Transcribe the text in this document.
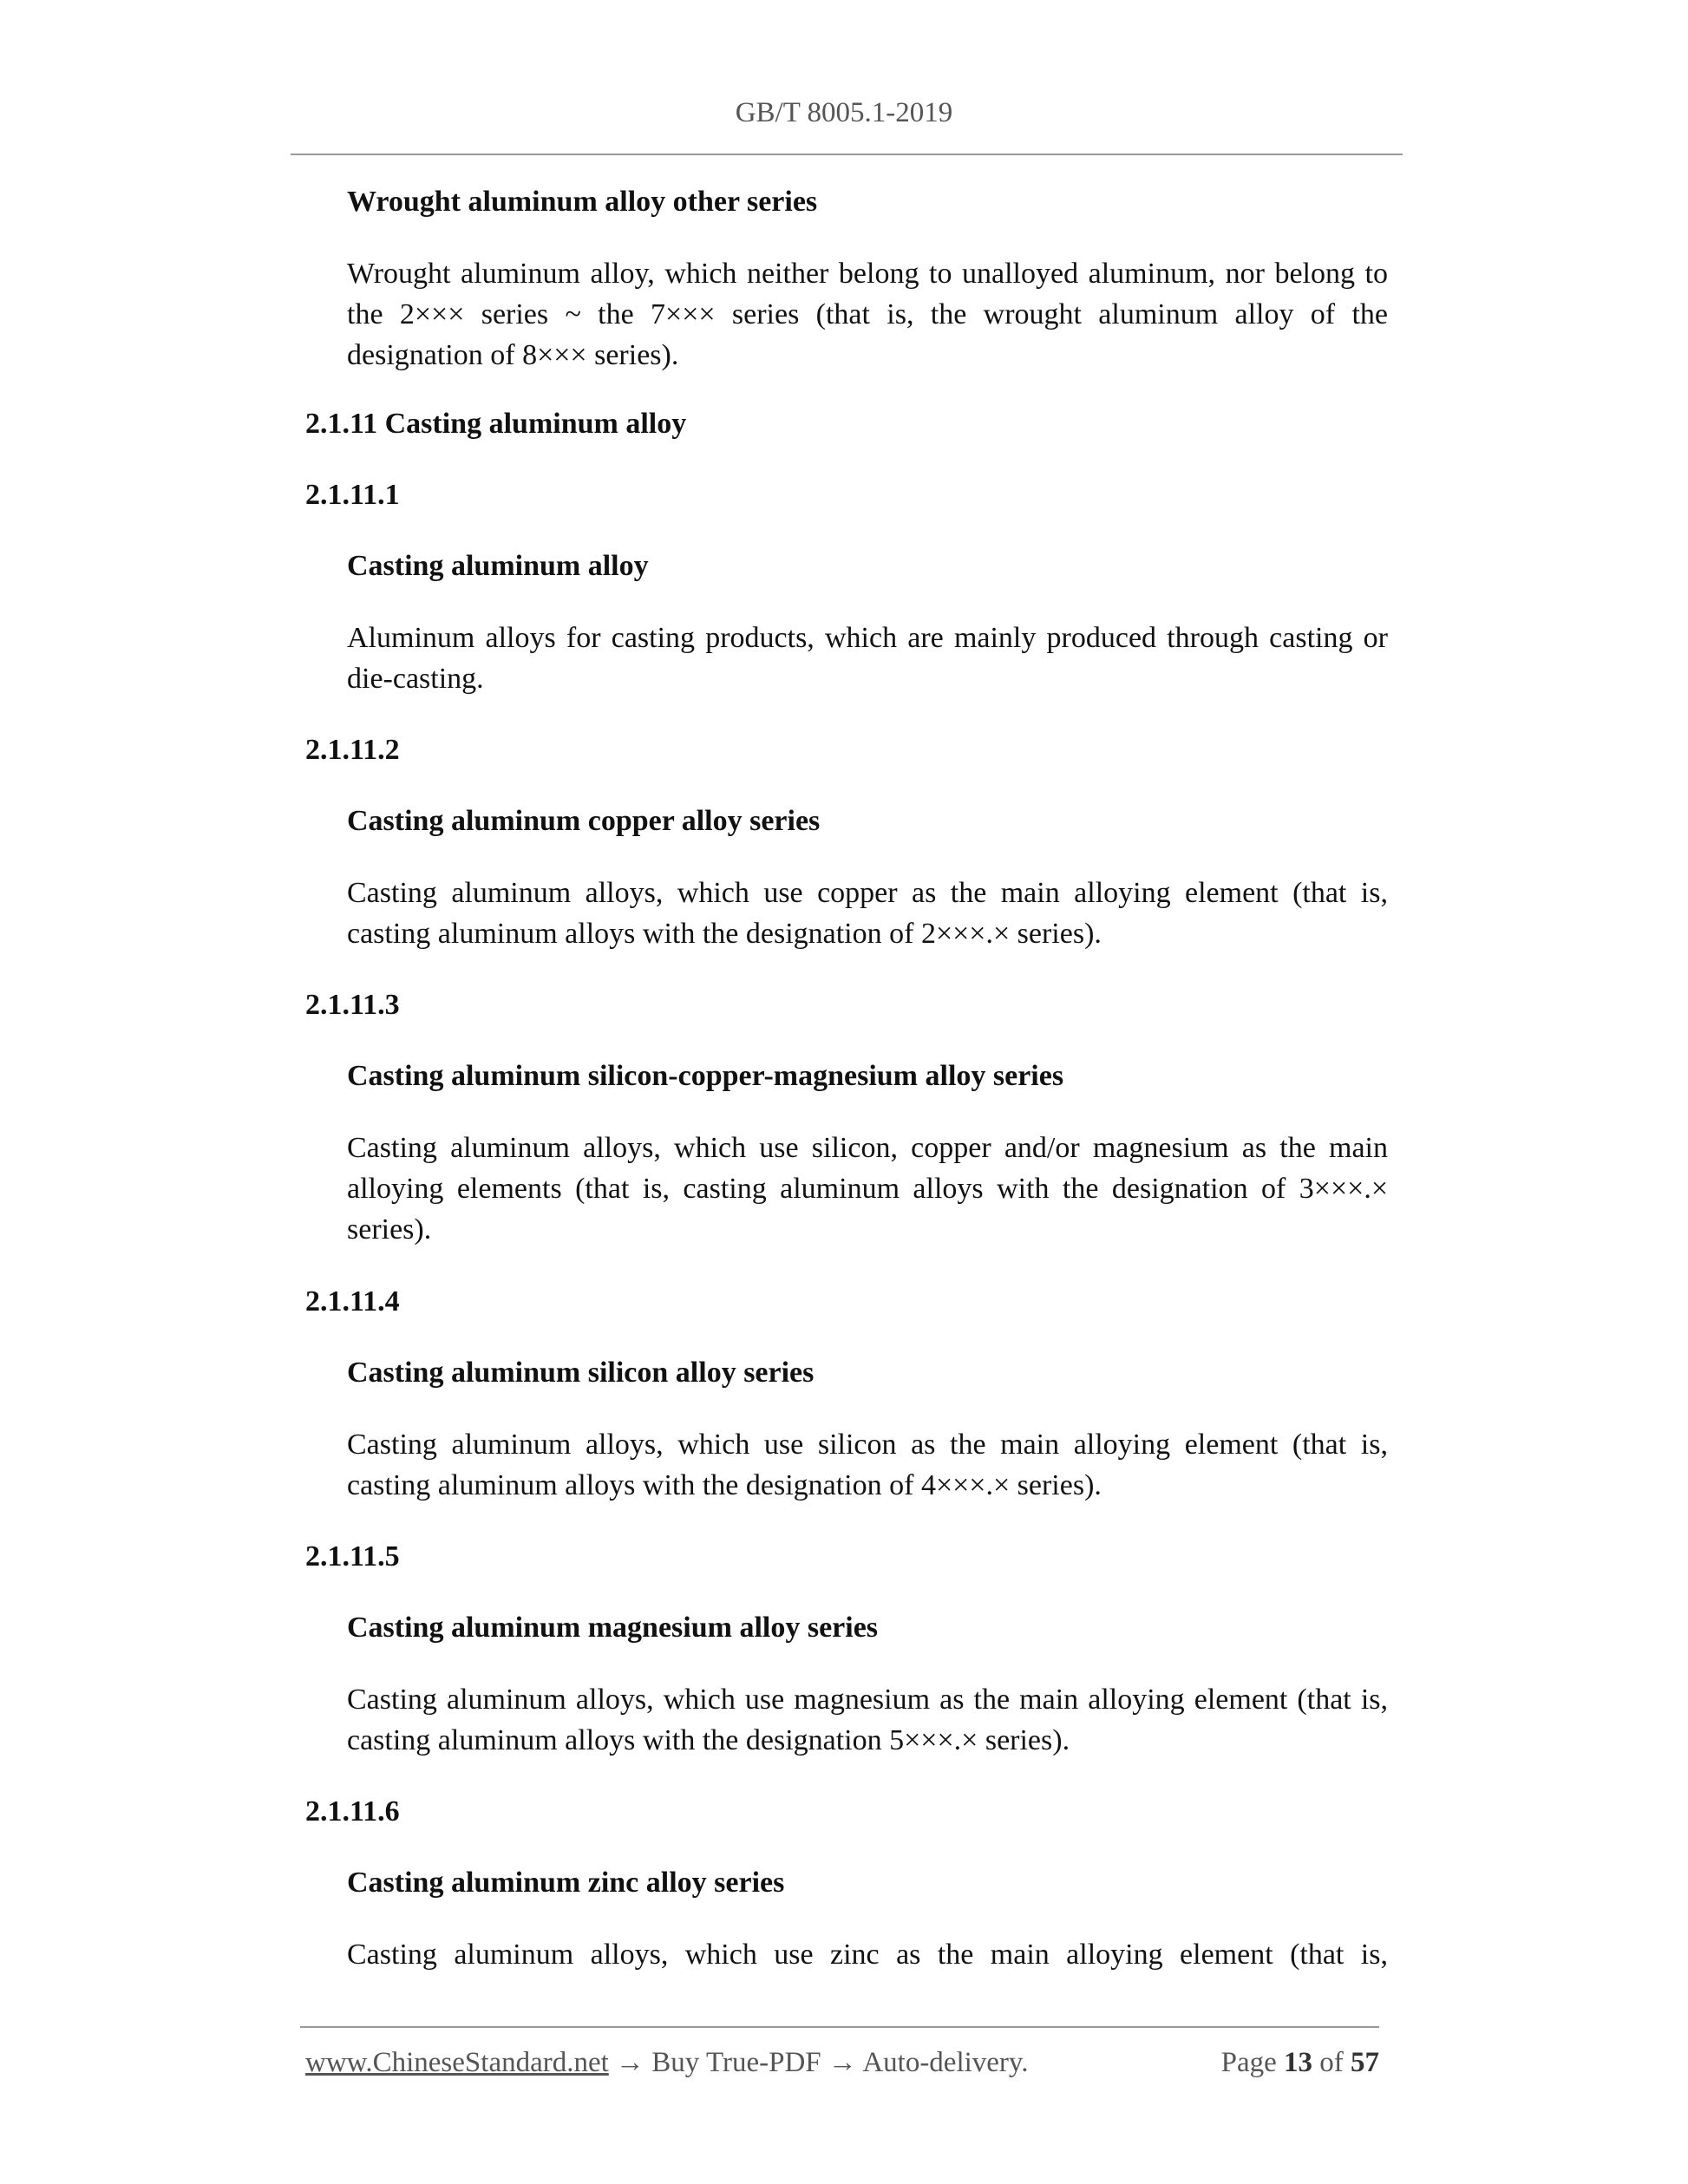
GB/T 8005.1-2019
Wrought aluminum alloy other series
Wrought aluminum alloy, which neither belong to unalloyed aluminum, nor belong to the 2××× series ~ the 7××× series (that is, the wrought aluminum alloy of the designation of 8××× series).
2.1.11 Casting aluminum alloy
2.1.11.1
Casting aluminum alloy
Aluminum alloys for casting products, which are mainly produced through casting or die-casting.
2.1.11.2
Casting aluminum copper alloy series
Casting aluminum alloys, which use copper as the main alloying element (that is, casting aluminum alloys with the designation of 2×××.× series).
2.1.11.3
Casting aluminum silicon-copper-magnesium alloy series
Casting aluminum alloys, which use silicon, copper and/or magnesium as the main alloying elements (that is, casting aluminum alloys with the designation of 3×××.× series).
2.1.11.4
Casting aluminum silicon alloy series
Casting aluminum alloys, which use silicon as the main alloying element (that is, casting aluminum alloys with the designation of 4×××.× series).
2.1.11.5
Casting aluminum magnesium alloy series
Casting aluminum alloys, which use magnesium as the main alloying element (that is, casting aluminum alloys with the designation 5×××.× series).
2.1.11.6
Casting aluminum zinc alloy series
Casting aluminum alloys, which use zinc as the main alloying element (that is,
www.ChineseStandard.net → Buy True-PDF → Auto-delivery.	Page 13 of 57
